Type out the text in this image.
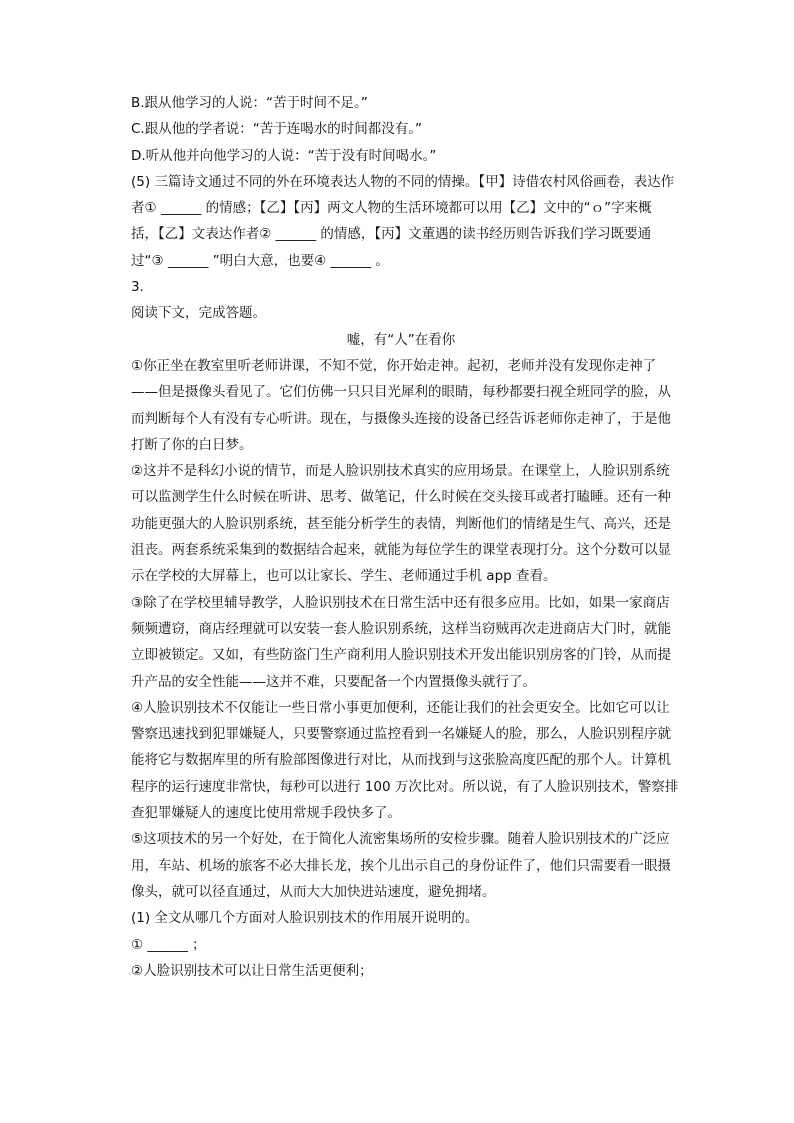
B.跟从他学习的人说：“苦于时间不足。”
C.跟从他的学者说：“苦于连喝水的时间都没有。”
D.听从他并向他学习的人说：“苦于没有时间喝水。”
(5) 三篇诗文通过不同的外在环境表达人物的不同的情操。【甲】诗借农村风俗画卷，表达作
者① ______ 的情感；【乙】【丙】两文人物的生活环境都可以用【乙】文中的“ｏ”字来概
括，【乙】文表达作者② ______ 的情感，【丙】文董遇的读书经历则告诉我们学习既要通
过“③ ______ ”明白大意，也要④ ______ 。
3.
阅读下文，完成答题。
嘘，有“人”在看你
①你正坐在教室里听老师讲课，不知不觉，你开始走神。起初，老师并没有发现你走神了
——但是摄像头看见了。它们仿佛一只只目光犀利的眼睛，每秒都要扫视全班同学的脸，从
而判断每个人有没有专心听讲。现在，与摄像头连接的设备已经告诉老师你走神了，于是他
打断了你的白日梦。
②这并不是科幻小说的情节，而是人脸识别技术真实的应用场景。在课堂上，人脸识别系统
可以监测学生什么时候在听讲、思考、做笔记，什么时候在交头接耳或者打瞌睡。还有一种
功能更强大的人脸识别系统，甚至能分析学生的表情，判断他们的情绪是生气、高兴，还是
沮丧。两套系统采集到的数据结合起来，就能为每位学生的课堂表现打分。这个分数可以显
示在学校的大屏幕上，也可以让家长、学生、老师通过手机 app 查看。
③除了在学校里辅导教学，人脸识别技术在日常生活中还有很多应用。比如，如果一家商店
频频遭窃，商店经理就可以安装一套人脸识别系统，这样当窃贼再次走进商店大门时，就能
立即被锁定。又如，有些防盗门生产商利用人脸识别技术开发出能识别房客的门铃，从而提
升产品的安全性能——这并不难，只要配备一个内置摄像头就行了。
④人脸识别技术不仅能让一些日常小事更加便利，还能让我们的社会更安全。比如它可以让
警察迅速找到犯罪嫌疑人，只要警察通过监控看到一名嫌疑人的脸，那么，人脸识别程序就
能将它与数据库里的所有脸部图像进行对比，从而找到与这张脸高度匹配的那个人。计算机
程序的运行速度非常快，每秒可以进行 100 万次比对。所以说，有了人脸识别技术，警察排
查犯罪嫌疑人的速度比使用常规手段快多了。
⑤这项技术的另一个好处，在于简化人流密集场所的安检步骤。随着人脸识别技术的广泛应
用，车站、机场的旅客不必大排长龙，挨个儿出示自己的身份证件了，他们只需要看一眼摄
像头，就可以径直通过，从而大大加快进站速度，避免拥堵。
(1) 全文从哪几个方面对人脸识别技术的作用展开说明的。
① ______ ；
②人脸识别技术可以让日常生活更便利；
